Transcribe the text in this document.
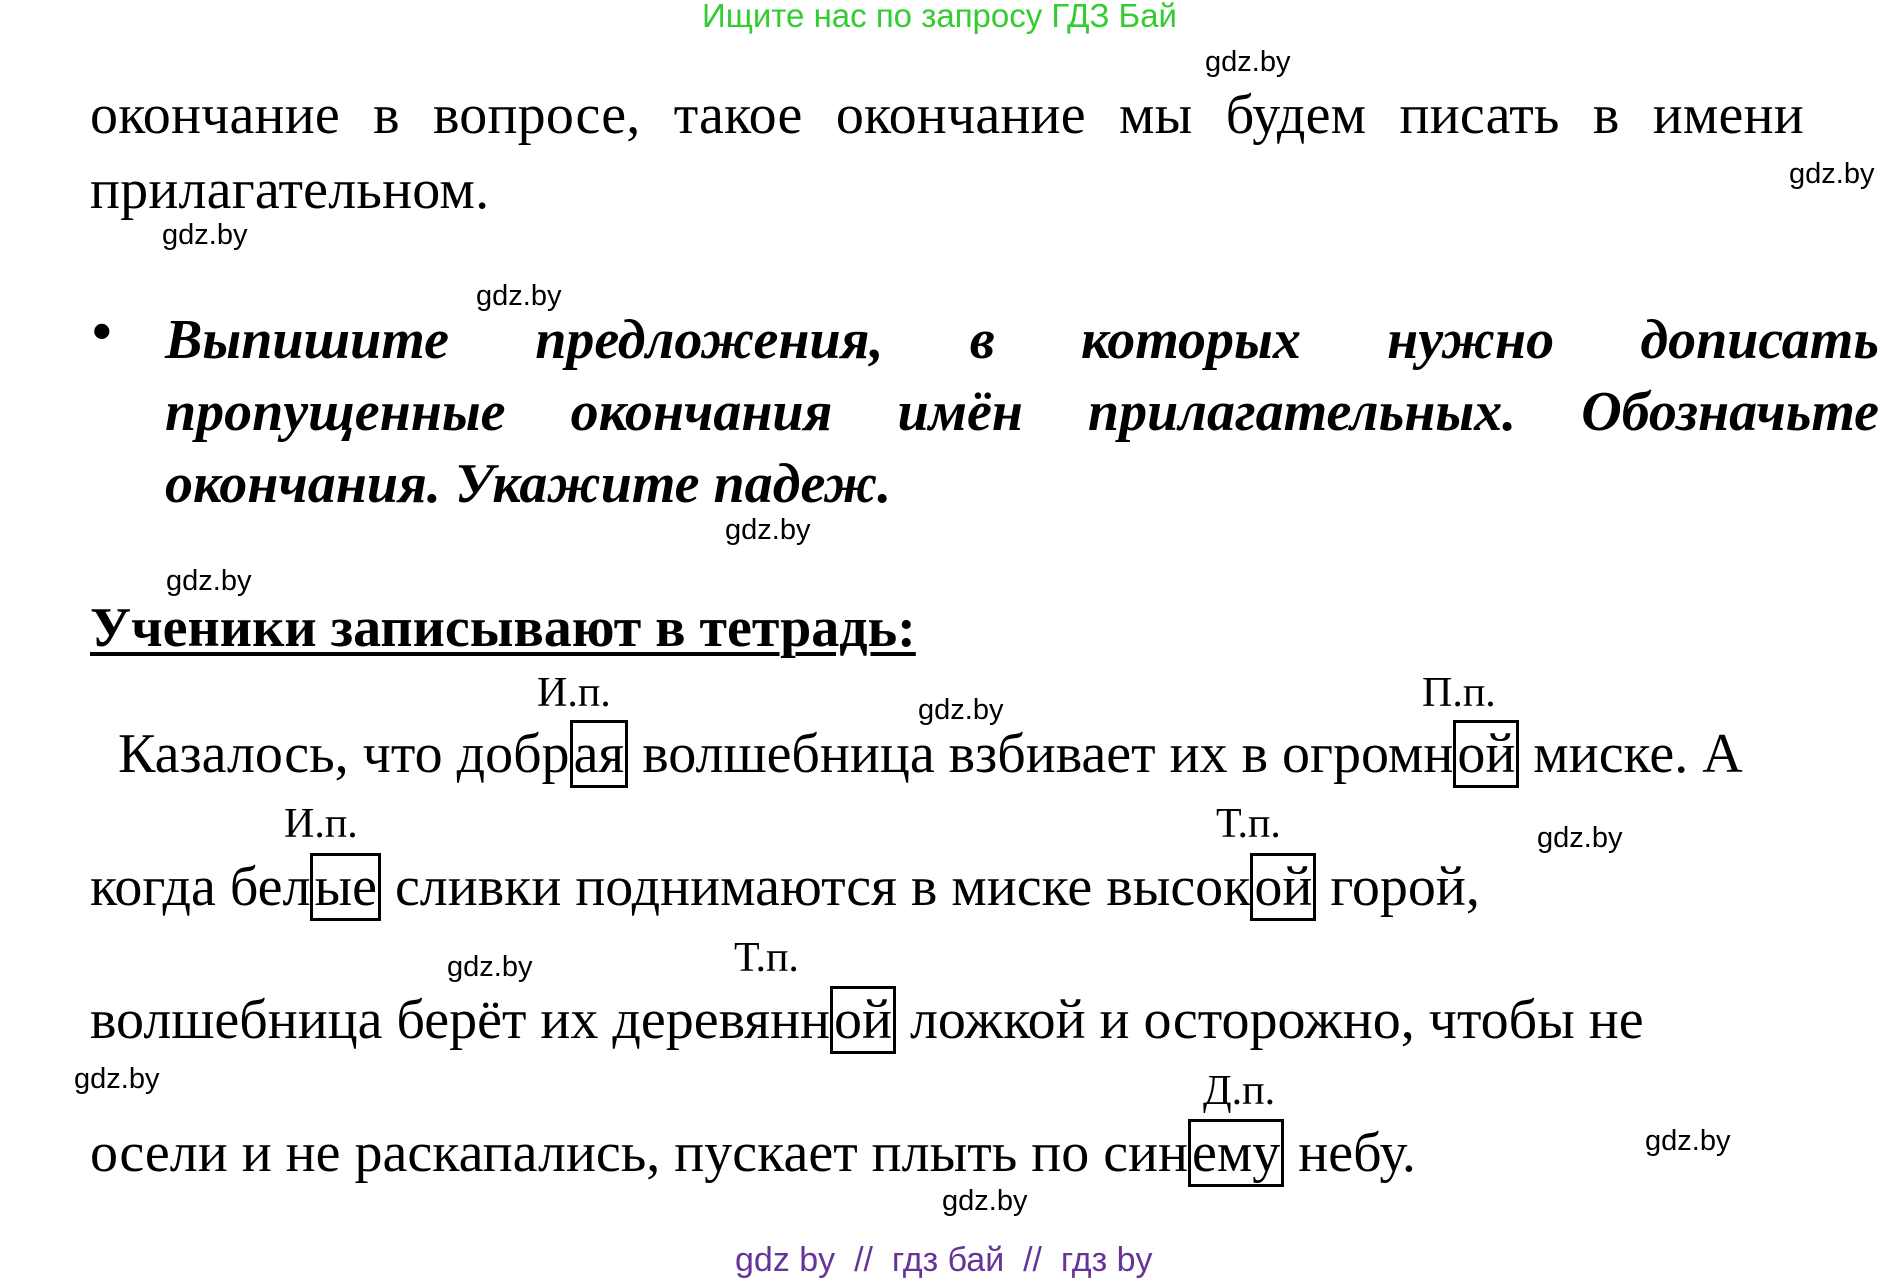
Ищите нас по запросу ГДЗ Бай
gdz.by
gdz.by
gdz.by
gdz.by
gdz.by
gdz.by
gdz.by
gdz.by
gdz.by
gdz.by
gdz.by
gdz.by
окончание в вопросе, такое окончание мы будем писать в имени
прилагательном.
• Выпишите предложения, в которых нужно дописать
пропущенные окончания имён прилагательных. Обозначьте
окончания. Укажите падеж.
Ученики записывают в тетрадь:
И.п.	П.п.
И.п.	Т.п.
Т.п.
Д.п.
Казалось, что добрая волшебница взбивает их в огромной миске. А
когда белые сливки поднимаются в миске высокой горой,
волшебница берёт их деревянной ложкой и осторожно, чтобы не
осели и не раскапались, пускает плыть по синему небу.
gdz by  //  гдз бай  //  гдз by
